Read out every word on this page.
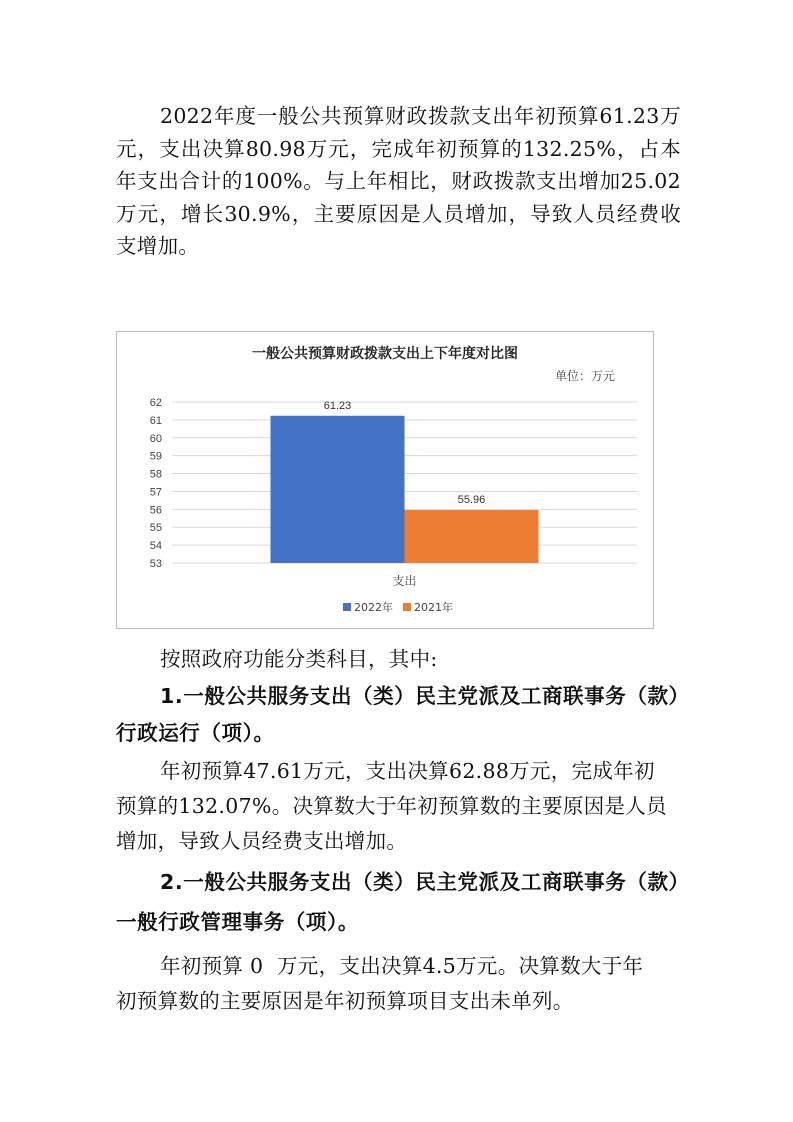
2022年度一般公共预算财政拨款支出年初预算61.23万元，支出决算80.98万元，完成年初预算的132.25%，占本年支出合计的100%。与上年相比，财政拨款支出增加25.02万元，增长30.9%，主要原因是人员增加，导致人员经费收支增加。

一般公共预算财政拨款支出上下年度对比图
单位：万元
62
61
60
59
58
57
56
55
54
53
61.23
55.96
支出
2022年 2021年

按照政府功能分类科目，其中:

1.一般公共服务支出（类）民主党派及工商联事务（款）

行政运行（项）。

年初预算47.61万元，支出决算62.88万元，完成年初

预算的132.07%。决算数大于年初预算数的主要原因是人员

增加，导致人员经费支出增加。

2.一般公共服务支出（类）民主党派及工商联事务（款）

一般行政管理事务（项）。

年初预算 0  万元，支出决算4.5万元。决算数大于年

初预算数的主要原因是年初预算项目支出未单列。
